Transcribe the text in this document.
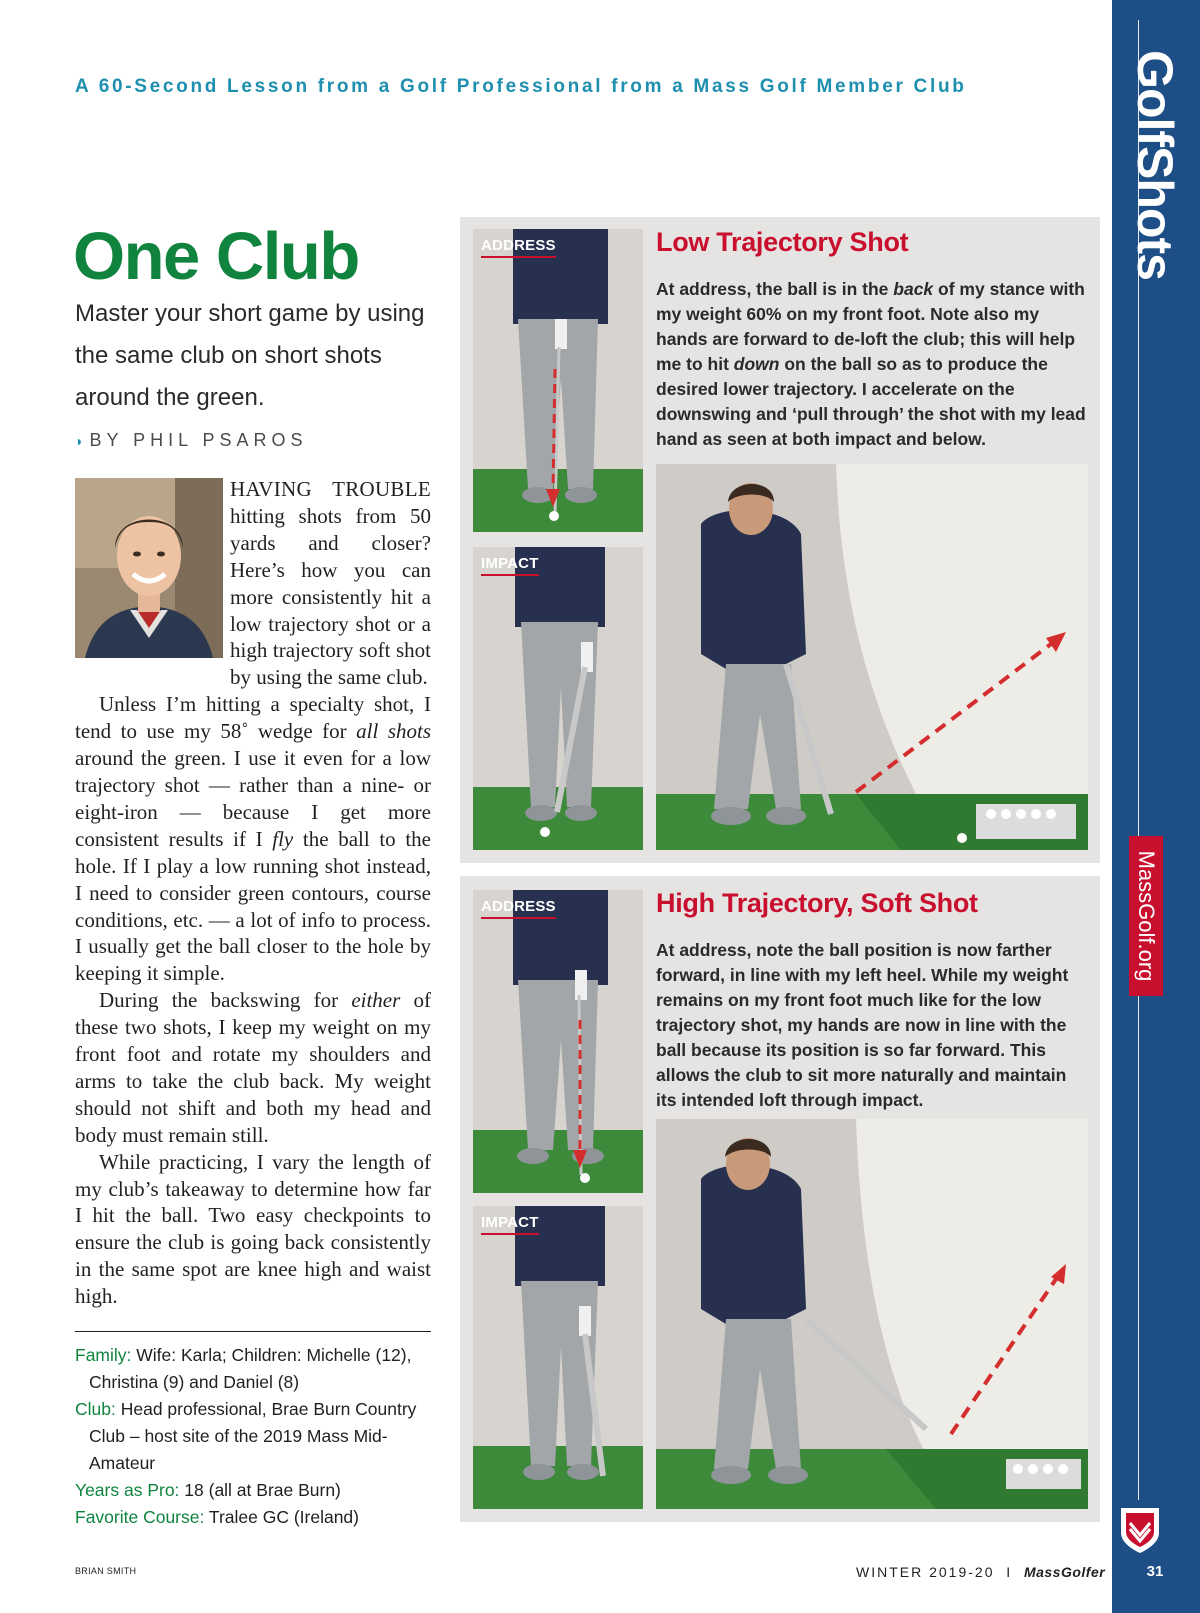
A 60-Second Lesson from a Golf Professional from a Mass Golf Member Club	GolfShots
MassGolf.org
31
WINTER 2019-20 I MassGolfer
BRIAN SMITH
One Club
Master your short game by using the same club on short shots around the green.
◗ BY PHIL PSAROS

HAVING TROUBLE hitting shots from 50 yards and closer? Here’s how you can more consistently hit a low trajectory shot or a high trajectory soft shot by using the same club.

Unless I’m hitting a specialty shot, I tend to use my 58˚ wedge for all shots around the green. I use it even for a low trajectory shot — rather than a nine- or eight-iron — because I get more consistent results if I fly the ball to the hole. If I play a low running shot instead, I need to consider green contours, course conditions, etc. — a lot of info to process. I usually get the ball closer to the hole by keeping it simple.

During the backswing for either of these two shots, I keep my weight on my front foot and rotate my shoulders and arms to take the club back. My weight should not shift and both my head and body must remain still.

While practicing, I vary the length of my club’s takeaway to determine how far I hit the ball. Two easy checkpoints to ensure the club is going back consistently in the same spot are knee high and waist high.

Family: Wife: Karla; Children: Michelle (12), Christina (9) and Daniel (8)
Club: Head professional, Brae Burn Country Club – host site of the 2019 Mass Mid-Amateur
Years as Pro: 18 (all at Brae Burn)
Favorite Course: Tralee GC (Ireland)
ADDRESS
IMPACT
Low Trajectory Shot
At address, the ball is in the back of my stance with my weight 60% on my front foot. Note also my hands are forward to de-loft the club; this will help me to hit down on the ball so as to produce the desired lower trajectory. I accelerate on the downswing and ‘pull through’ the shot with my lead hand as seen at both impact and below.
ADDRESS
IMPACT
High Trajectory, Soft Shot
At address, note the ball position is now farther forward, in line with my left heel. While my weight remains on my front foot much like for the low trajectory shot, my hands are now in line with the ball because its position is so far forward. This allows the club to sit more naturally and maintain its intended loft through impact.
